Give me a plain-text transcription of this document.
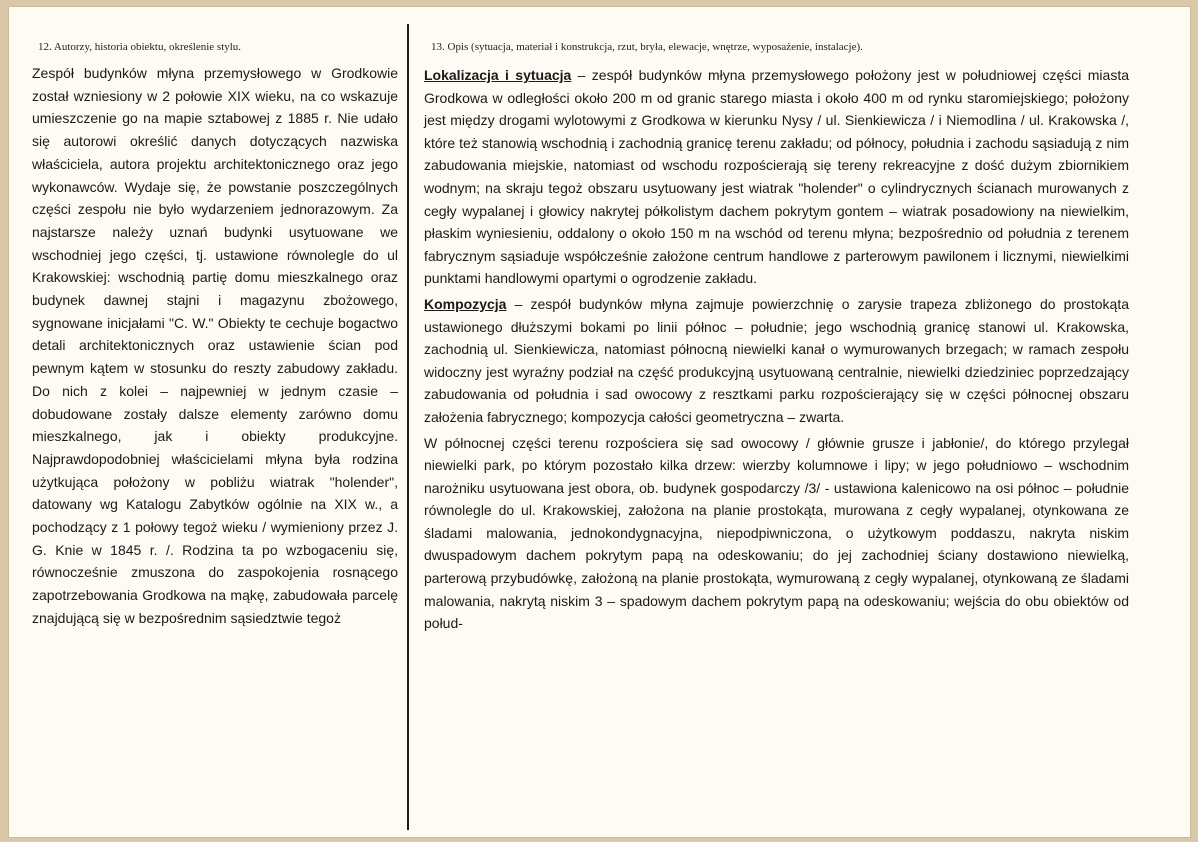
12. Autorzy, historia obiektu, określenie stylu.

Zespół budynków młyna przemysłowego w Grodkowie został wzniesiony w 2 połowie XIX wieku, na co wskazuje umieszczenie go na mapie sztabowej z 1885 r. Nie udało się autorowi określić danych dotyczących nazwiska właściciela, autora projektu architektonicznego oraz jego wykonawców. Wydaje się, że powstanie poszczególnych części zespołu nie było wydarzeniem jednorazowym. Za najstarsze należy uznań budynki usytuowane we wschodniej jego części, tj. ustawione równolegle do ul Krakowskiej: wschodnią partię domu mieszkalnego oraz budynek dawnej stajni i magazynu zbożowego, sygnowane inicjałami "C. W." Obiekty te cechuje bogactwo detali architektonicznych oraz ustawienie ścian pod pewnym kątem w stosunku do reszty zabudowy zakładu. Do nich z kolei – najpewniej w jednym czasie – dobudowane zostały dalsze elementy zarówno domu mieszkalnego, jak i obiekty produkcyjne. Najprawdopodobniej właścicielami młyna była rodzina użytkująca położony w pobliżu wiatrak "holender", datowany wg Katalogu Zabytków ogólnie na XIX w., a pochodzący z 1 połowy tegoż wieku / wymieniony przez J. G. Knie w 1845 r. /. Rodzina ta po wzbogaceniu się, równocześnie zmuszona do zaspokojenia rosnącego zapotrzebowania Grodkowa na mąkę, zabudowała parcelę znajdującą się w bezpośrednim sąsiedztwie tegoż

13. Opis (sytuacja, materiał i konstrukcja, rzut, bryła, elewacje, wnętrze, wyposażenie, instalacje).

Lokalizacja i sytuacja – zespół budynków młyna przemysłowego położony jest w południowej części miasta Grodkowa w odległości około 200 m od granic starego miasta i około 400 m od rynku staromiejskiego; położony jest między drogami wylotowymi z Grodkowa w kierunku Nysy / ul. Sienkiewicza / i Niemodlina / ul. Krakowska /, które też stanowią wschodnią i zachodnią granicę terenu zakładu; od północy, południa i zachodu sąsiadują z nim zabudowania miejskie, natomiast od wschodu rozpościerają się tereny rekreacyjne z dość dużym zbiornikiem wodnym; na skraju tegoż obszaru usytuowany jest wiatrak "holender" o cylindrycznych ścianach murowanych z cegły wypalanej i głowicy nakrytej półkolistym dachem pokrytym gontem – wiatrak posadowiony na niewielkim, płaskim wyniesieniu, oddalony o około 150 m na wschód od terenu młyna; bezpośrednio od południa z terenem fabrycznym sąsiaduje współcześnie założone centrum handlowe z parterowym pawilonem i licznymi, niewielkimi punktami handlowymi opartymi o ogrodzenie zakładu.

Kompozycja – zespół budynków młyna zajmuje powierzchnię o zarysie trapeza zbliżonego do prostokąta ustawionego dłuższymi bokami po linii północ – południe; jego wschodnią granicę stanowi ul. Krakowska, zachodnią ul. Sienkiewicza, natomiast północną niewielki kanał o wymurowanych brzegach; w ramach zespołu widoczny jest wyraźny podział na część produkcyjną usytuowaną centralnie, niewielki dziedziniec poprzedzający zabudowania od południa i sad owocowy z resztkami parku rozpościerający się w części północnej obszaru założenia fabrycznego; kompozycja całości geometryczna – zwarta.

W północnej części terenu rozpościera się sad owocowy / głównie grusze i jabłonie/, do którego przylegał niewielki park, po którym pozostało kilka drzew: wierzby kolumnowe i lipy; w jego południowo – wschodnim narożniku usytuowana jest obora, ob. budynek gospodarczy /3/ - ustawiona kalenicowo na osi północ – południe równolegle do ul. Krakowskiej, założona na planie prostokąta, murowana z cegły wypalanej, otynkowana ze śladami malowania, jednokondygnacyjna, niepodpiwniczona, o użytkowym poddaszu, nakryta niskim dwuspadowym dachem pokrytym papą na odeskowaniu; do jej zachodniej ściany dostawiono niewielką, parterową przybudówkę, założoną na planie prostokąta, wymurowaną z cegły wypalanej, otynkowaną ze śladami malowania, nakrytą niskim 3 – spadowym dachem pokrytym papą na odeskowaniu; wejścia do obu obiektów od połud-
